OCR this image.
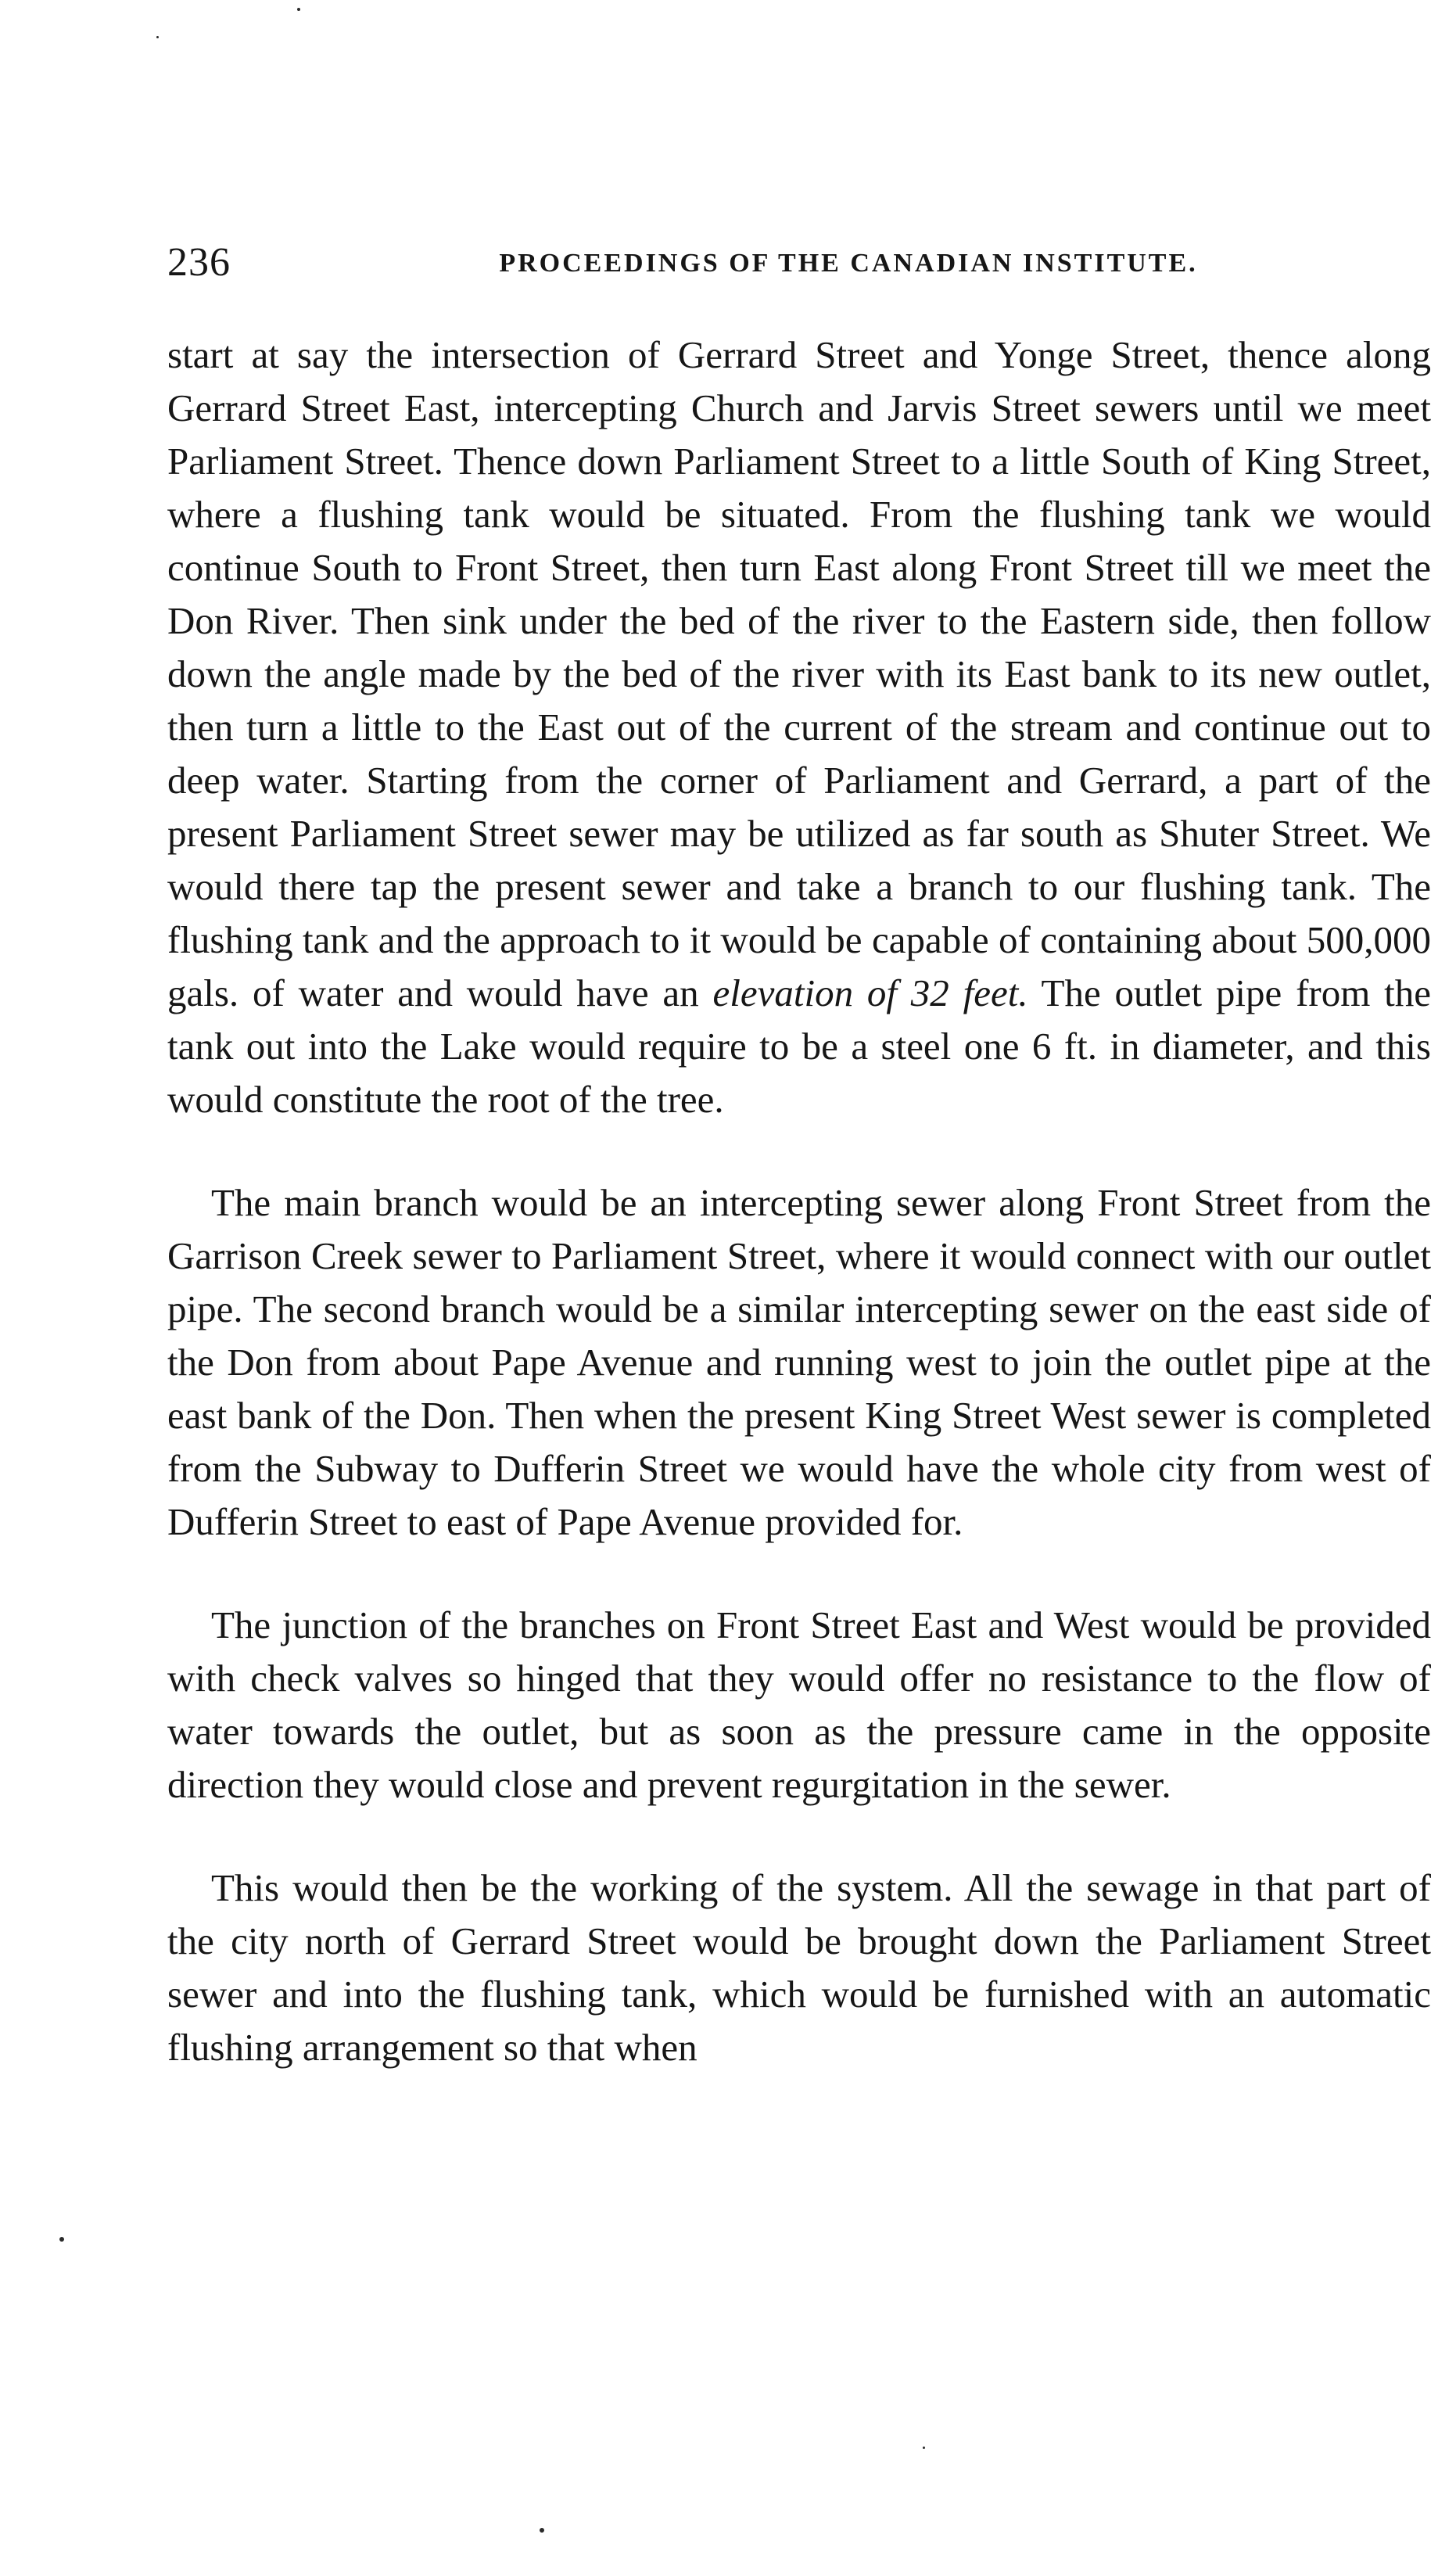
236	PROCEEDINGS OF THE CANADIAN INSTITUTE.

start at say the intersection of Gerrard Street and Yonge Street, thence along Gerrard Street East, intercepting Church and Jarvis Street sewers until we meet Parliament Street. Thence down Parliament Street to a little South of King Street, where a flushing tank would be situated. From the flushing tank we would continue South to Front Street, then turn East along Front Street till we meet the Don River. Then sink under the bed of the river to the Eastern side, then follow down the angle made by the bed of the river with its East bank to its new outlet, then turn a little to the East out of the current of the stream and continue out to deep water. Starting from the corner of Parliament and Gerrard, a part of the present Parliament Street sewer may be utilized as far south as Shuter Street. We would there tap the present sewer and take a branch to our flushing tank. The flushing tank and the approach to it would be capable of containing about 500,000 gals. of water and would have an elevation of 32 feet. The outlet pipe from the tank out into the Lake would require to be a steel one 6 ft. in diameter, and this would constitute the root of the tree.

The main branch would be an intercepting sewer along Front Street from the Garrison Creek sewer to Parliament Street, where it would connect with our outlet pipe. The second branch would be a similar intercepting sewer on the east side of the Don from about Pape Avenue and running west to join the outlet pipe at the east bank of the Don. Then when the present King Street West sewer is completed from the Subway to Dufferin Street we would have the whole city from west of Dufferin Street to east of Pape Avenue provided for.

The junction of the branches on Front Street East and West would be provided with check valves so hinged that they would offer no resistance to the flow of water towards the outlet, but as soon as the pressure came in the opposite direction they would close and prevent regurgitation in the sewer.

This would then be the working of the system. All the sewage in that part of the city north of Gerrard Street would be brought down the Parliament Street sewer and into the flushing tank, which would be furnished with an automatic flushing arrangement so that when
